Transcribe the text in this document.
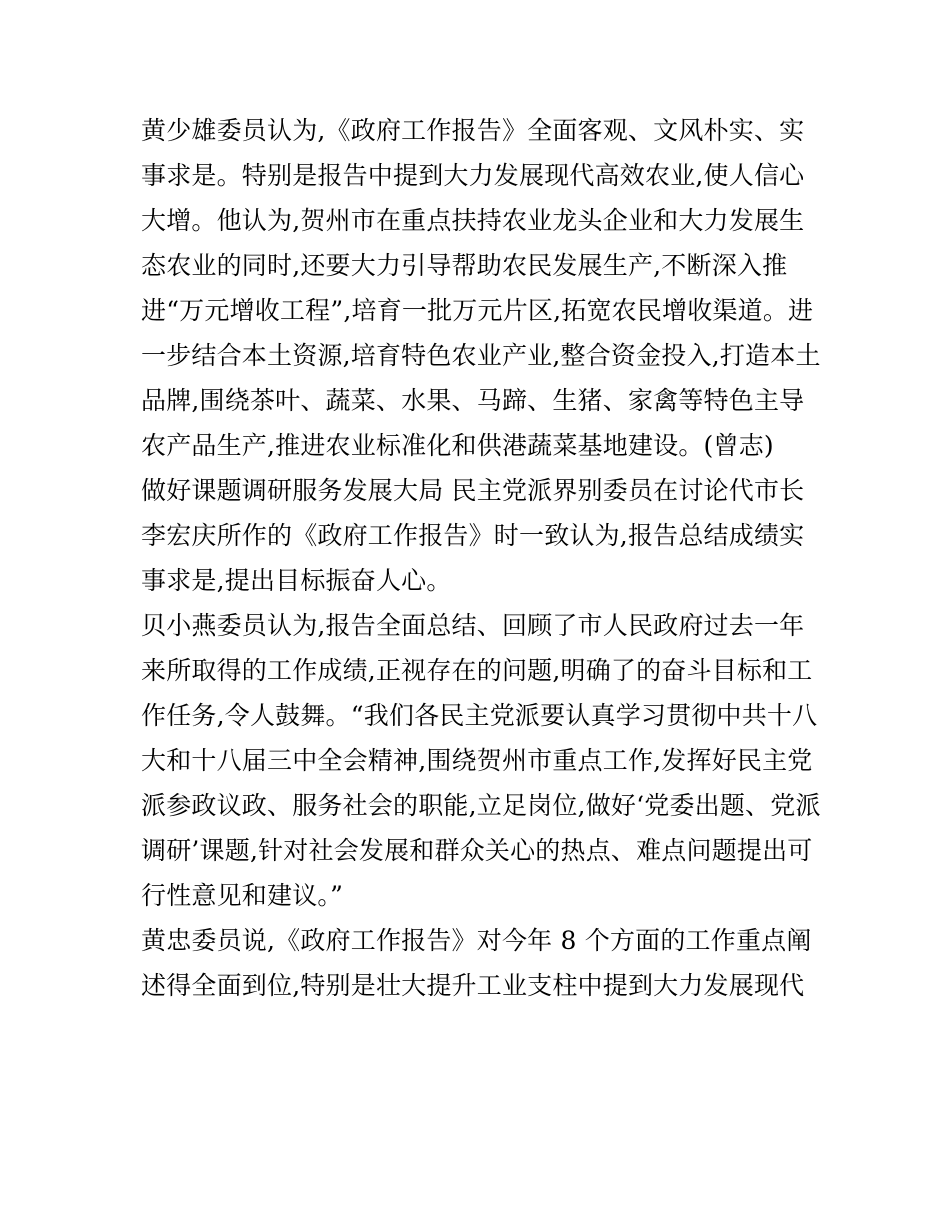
黄少雄委员认为,《政府工作报告》全面客观、文风朴实、实
事求是。特别是报告中提到大力发展现代高效农业,使人信心
大增。他认为,贺州市在重点扶持农业龙头企业和大力发展生
态农业的同时,还要大力引导帮助农民发展生产,不断深入推
进“万元增收工程”,培育一批万元片区,拓宽农民增收渠道。进
一步结合本土资源,培育特色农业产业,整合资金投入,打造本土
品牌,围绕茶叶、蔬菜、水果、马蹄、生猪、家禽等特色主导
农产品生产,推进农业标准化和供港蔬菜基地建设。(曾志)
做好课题调研服务发展大局 民主党派界别委员在讨论代市长
李宏庆所作的《政府工作报告》时一致认为,报告总结成绩实
事求是,提出目标振奋人心。
贝小燕委员认为,报告全面总结、回顾了市人民政府过去一年
来所取得的工作成绩,正视存在的问题,明确了的奋斗目标和工
作任务,令人鼓舞。“我们各民主党派要认真学习贯彻中共十八
大和十八届三中全会精神,围绕贺州市重点工作,发挥好民主党
派参政议政、服务社会的职能,立足岗位,做好‘党委出题、党派
调研’课题,针对社会发展和群众关心的热点、难点问题提出可
行性意见和建议。”
黄忠委员说,《政府工作报告》对今年 8 个方面的工作重点阐
述得全面到位,特别是壮大提升工业支柱中提到大力发展现代
